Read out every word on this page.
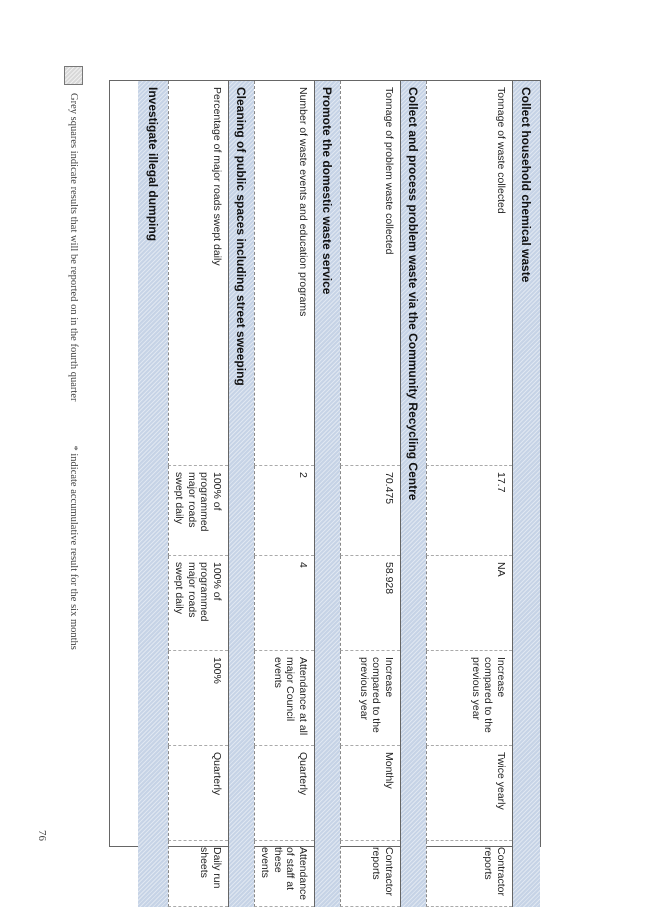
Collect household chemical waste
Tonnage of waste collected
17.7
NA
Increase compared to the previous year
Twice yearly
Contractor reports
Collect and process problem waste via the Community Recycling Centre
Tonnage of problem waste collected
70.475
58.928
Increase compared to the previous year
Monthly
Contractor reports
Promote the domestic waste service
Number of waste events and education programs
2
4
Attendance at all major Council events
Quarterly
Attendance of staff at these events
Cleaning of public spaces including street sweeping
Percentage of major roads swept daily
100% of programmed major roads swept daily
100% of programmed major roads swept daily
100%
Quarterly
Daily run sheets
Investigate illegal dumping
Grey squares indicate results that will be reported on in the fourth quarter
* indicate accumulative result for the six months
76
